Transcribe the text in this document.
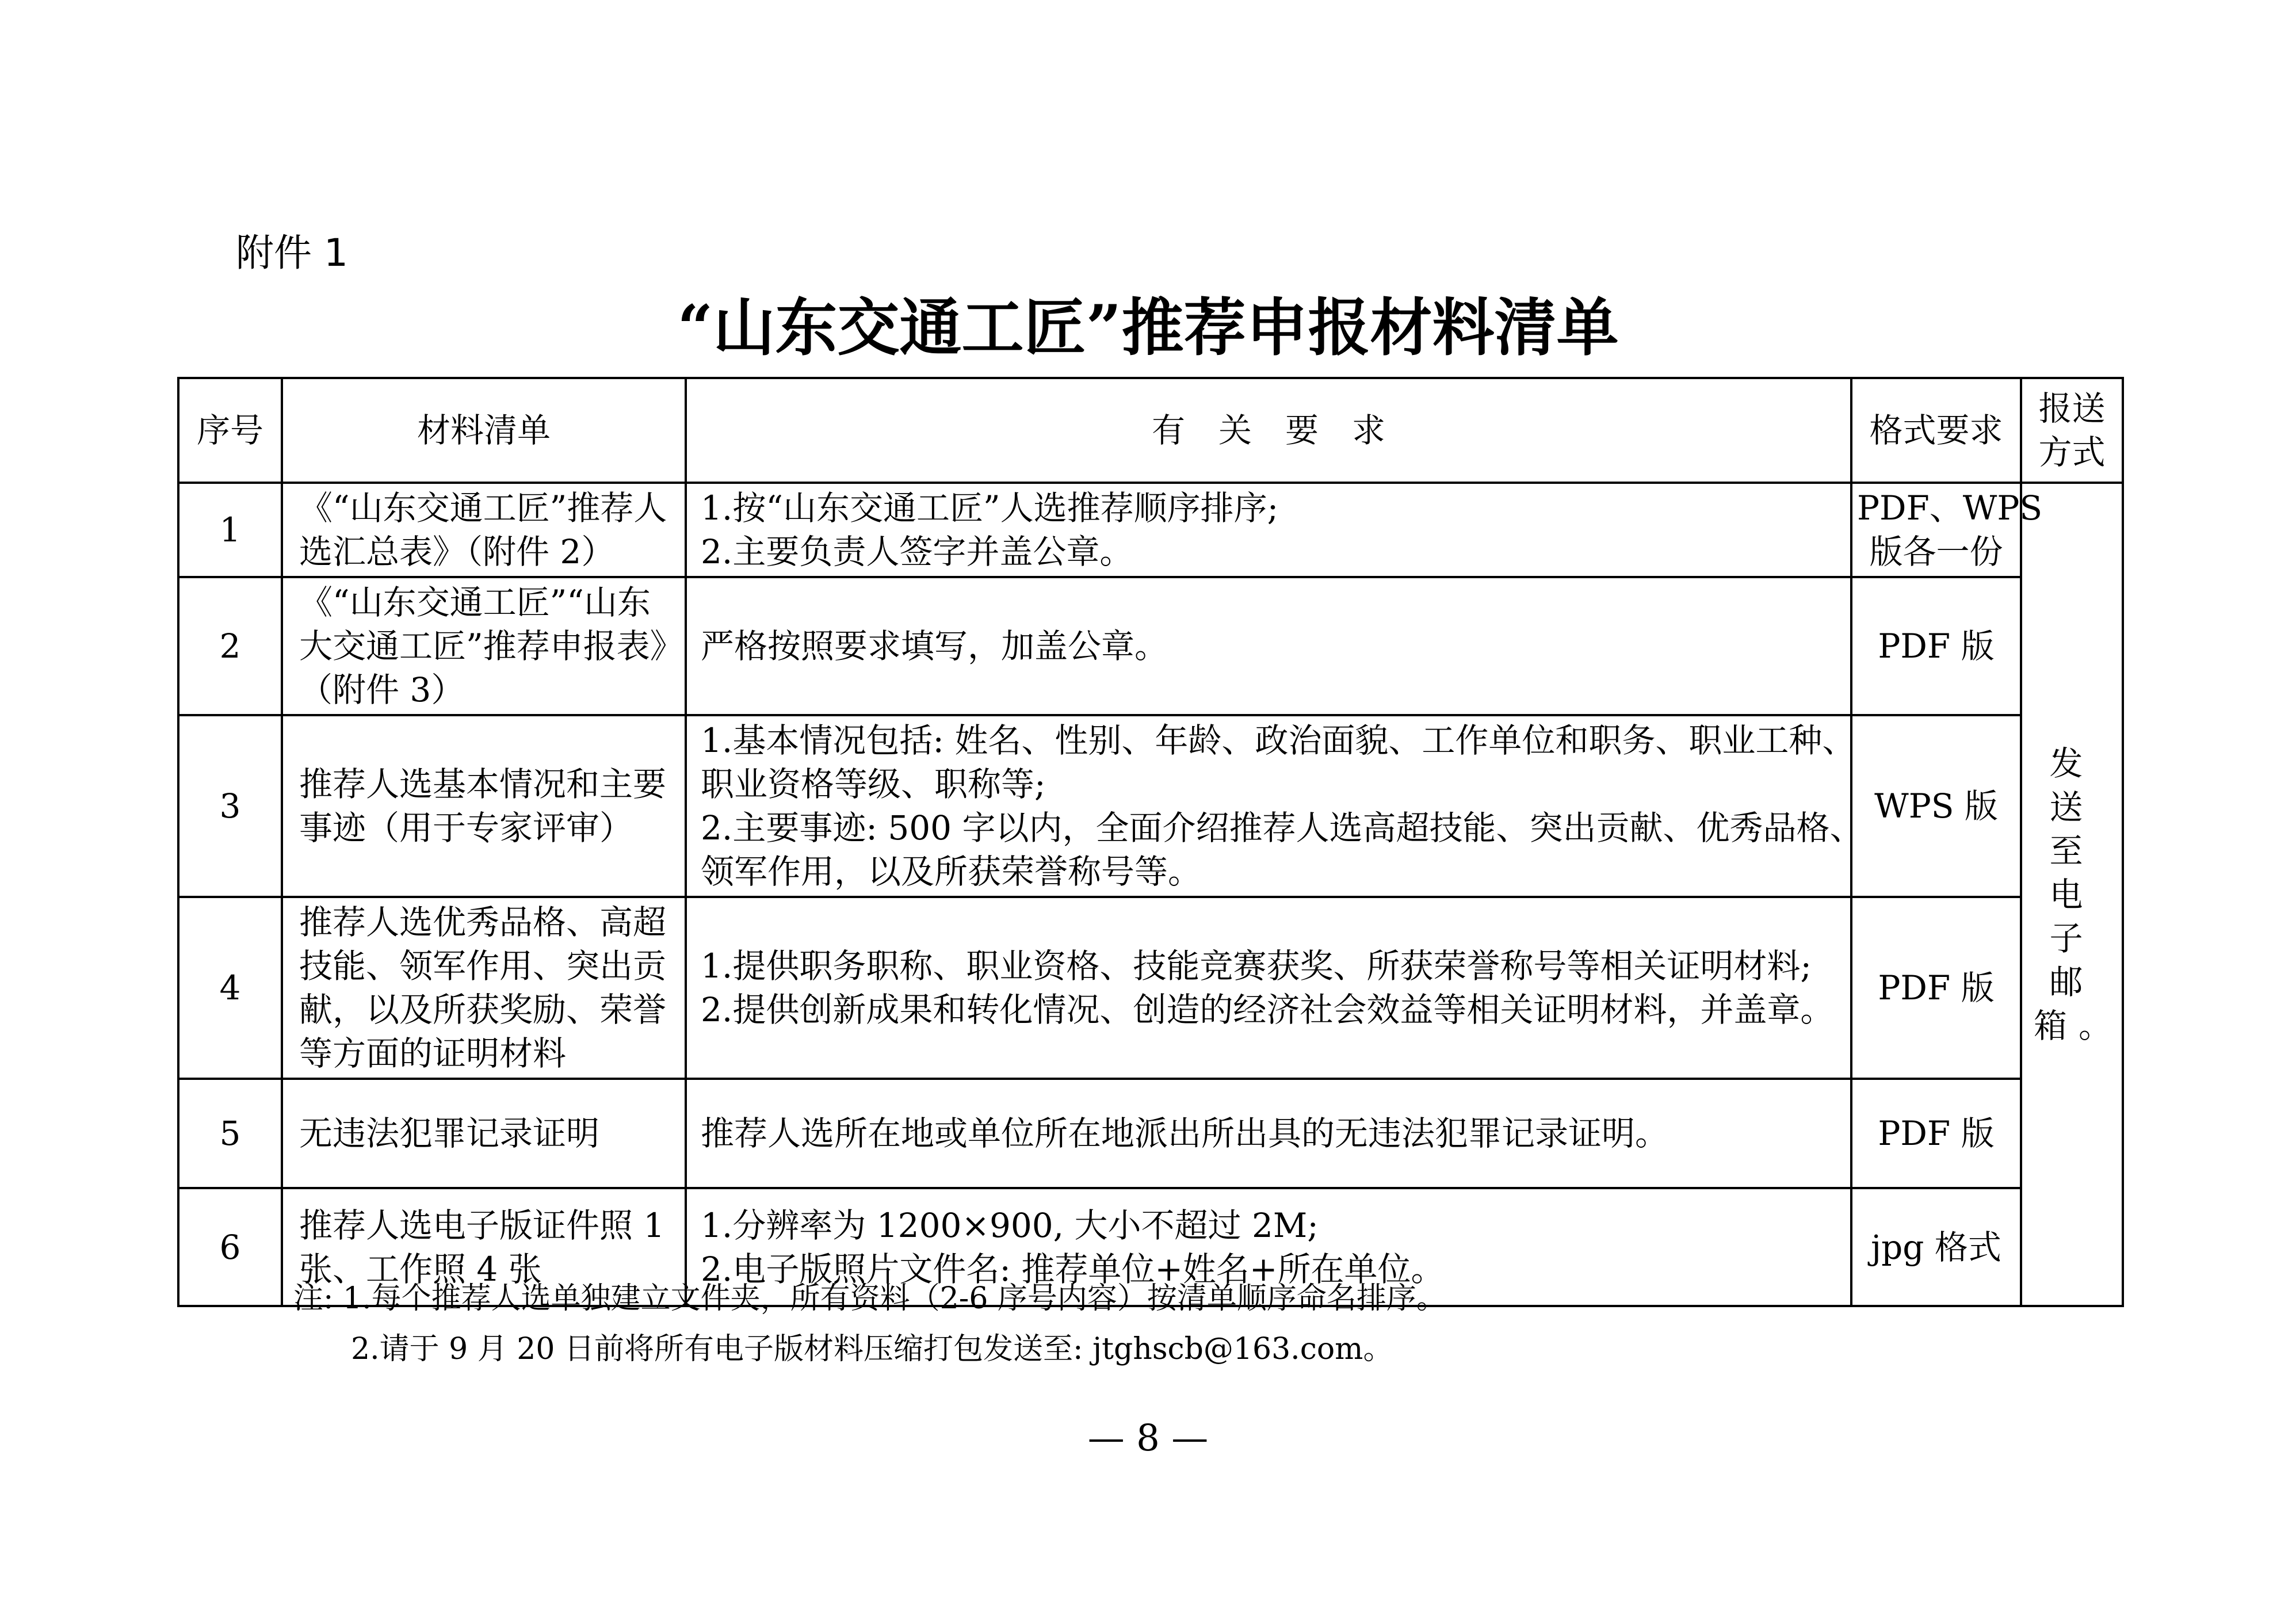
附件 1
“山东交通工匠”推荐申报材料清单
序号	材料清单	有　关　要　求	格式要求	报送
方式

1	《“山东交通工匠”推荐人
选汇总表》（附件 2）	1.按“山东交通工匠”人选推荐顺序排序;
2.主要负责人签字并盖公章。	PDF、WPS
版各一份	发送至电子邮箱。

2	《“山东交通工匠”“山东
大交通工匠”推荐申报表》
（附件 3）	严格按照要求填写，加盖公章。	PDF 版	

3	推荐人选基本情况和主要
事迹（用于专家评审）	1.基本情况包括: 姓名、性别、年龄、政治面貌、工作单位和职务、职业工种、
职业资格等级、职称等;
2.主要事迹: 500 字以内，全面介绍推荐人选高超技能、突出贡献、优秀品格、
领军作用，以及所获荣誉称号等。	WPS 版	

4	推荐人选优秀品格、高超
技能、领军作用、突出贡
献，以及所获奖励、荣誉
等方面的证明材料	1.提供职务职称、职业资格、技能竞赛获奖、所获荣誉称号等相关证明材料;
2.提供创新成果和转化情况、创造的经济社会效益等相关证明材料，并盖章。	PDF 版	

5	无违法犯罪记录证明	推荐人选所在地或单位所在地派出所出具的无违法犯罪记录证明。	PDF 版	

6	推荐人选电子版证件照 1
张、工作照 4 张	1.分辨率为 1200×900, 大小不超过 2M;
2.电子版照片文件名: 推荐单位+姓名+所在单位。	jpg 格式	
注: 1.每个推荐人选单独建立文件夹，所有资料（2-6 序号内容）按清单顺序命名排序。
2.请于 9 月 20 日前将所有电子版材料压缩打包发送至: jtghscb@163.com。
— 8 —
